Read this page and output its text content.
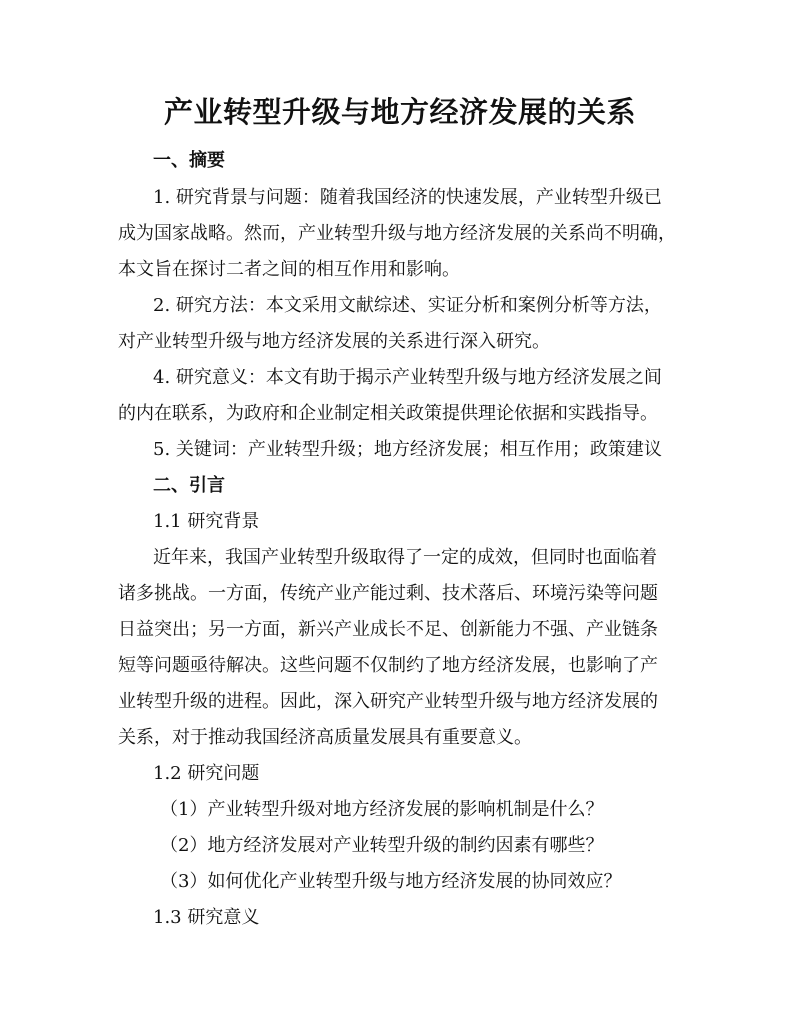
产业转型升级与地方经济发展的关系
一、摘要
1. 研究背景与问题：随着我国经济的快速发展，产业转型升级已
成为国家战略。然而，产业转型升级与地方经济发展的关系尚不明确，
本文旨在探讨二者之间的相互作用和影响。
2. 研究方法：本文采用文献综述、实证分析和案例分析等方法，
对产业转型升级与地方经济发展的关系进行深入研究。
4. 研究意义：本文有助于揭示产业转型升级与地方经济发展之间
的内在联系，为政府和企业制定相关政策提供理论依据和实践指导。
5. 关键词：产业转型升级；地方经济发展；相互作用；政策建议
二、引言
1.1 研究背景
近年来，我国产业转型升级取得了一定的成效，但同时也面临着
诸多挑战。一方面，传统产业产能过剩、技术落后、环境污染等问题
日益突出；另一方面，新兴产业成长不足、创新能力不强、产业链条
短等问题亟待解决。这些问题不仅制约了地方经济发展，也影响了产
业转型升级的进程。因此，深入研究产业转型升级与地方经济发展的
关系，对于推动我国经济高质量发展具有重要意义。
1.2 研究问题
（1）产业转型升级对地方经济发展的影响机制是什么？
（2）地方经济发展对产业转型升级的制约因素有哪些？
（3）如何优化产业转型升级与地方经济发展的协同效应？
1.3 研究意义
